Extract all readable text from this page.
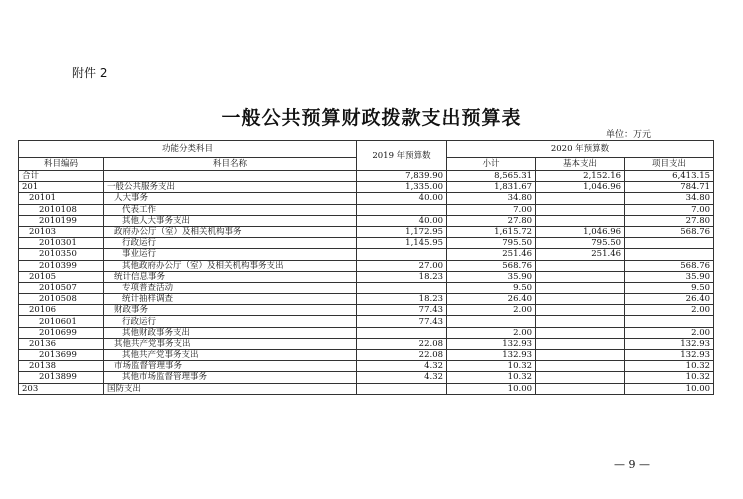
附件 2
一般公共预算财政拨款支出预算表
单位：万元
功能分类科目		2019 年预算数	2020 年预算数		
科目编码	科目名称		小计	基本支出	项目支出
合计		7,839.90	8,565.31	2,152.16	6,413.15
201	一般公共服务支出	1,335.00	1,831.67	1,046.96	784.71
20101	人大事务	40.00	34.80		34.80
2010108	代表工作		7.00		7.00
2010199	其他人大事务支出	40.00	27.80		27.80
20103	政府办公厅（室）及相关机构事务	1,172.95	1,615.72	1,046.96	568.76
2010301	行政运行	1,145.95	795.50	795.50	
2010350	事业运行		251.46	251.46	
2010399	其他政府办公厅（室）及相关机构事务支出	27.00	568.76		568.76
20105	统计信息事务	18.23	35.90		35.90
2010507	专项普查活动		9.50		9.50
2010508	统计抽样调查	18.23	26.40		26.40
20106	财政事务	77.43	2.00		2.00
2010601	行政运行	77.43			
2010699	其他财政事务支出		2.00		2.00
20136	其他共产党事务支出	22.08	132.93		132.93
2013699	其他共产党事务支出	22.08	132.93		132.93
20138	市场监督管理事务	4.32	10.32		10.32
2013899	其他市场监督管理事务	4.32	10.32		10.32
203	国防支出		10.00		10.00
— 9 —
